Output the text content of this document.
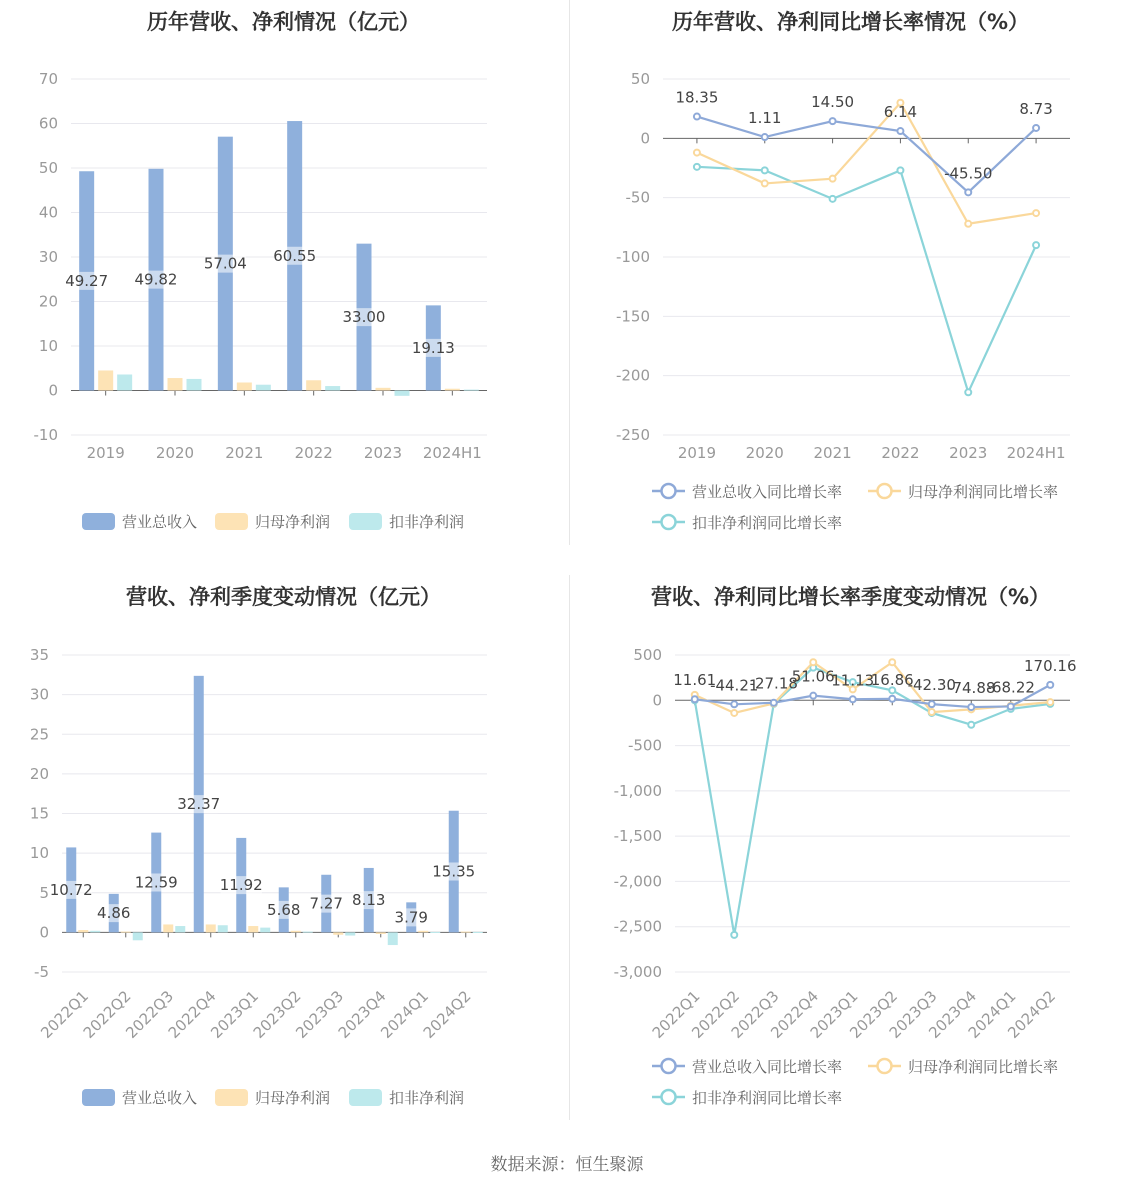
历年营收、净利情况（亿元）
-10
0
10
20
30
40
50
60
70
49.27 49.82
57.04 60.55
33.00
19.13
2019 2020 2021 2022 2023 2024H1
营业总收入	归母净利润	扣非净利润
历年营收、净利同比增长率情况（%）
-250
-200
-150
-100
-50
0
50
18.35
1.11
14.50
6.14
-45.50
8.73
2019 2020 2021 2022 2023 2024H1
营业总收入同比增长率	归母净利润同比增长率
扣非净利润同比增长率
营收、净利季度变动情况（亿元）
-5
0
5
10
15
20
25
30
35
10.72
4.86
12.59
32.37
11.92
5.68 7.27 8.13
3.79
15.35
2022Q1
2022Q2
2022Q3
2022Q4
2023Q1
2023Q2
2023Q3
2023Q4
2024Q1
2024Q2
营业总收入	归母净利润	扣非净利润
营收、净利同比增长率季度变动情况（%）
-3,000
-2,500
-2,000
-1,500
-1,000
-500
0
500
11.61
-44.21
-27.18
51.06
11.13
16.86
-42.30
-74.88
-68.22
170.16
2022Q1
2022Q2
2022Q3
2022Q4
2023Q1
2023Q2
2023Q3
2023Q4
2024Q1
2024Q2
营业总收入同比增长率	归母净利润同比增长率
扣非净利润同比增长率
数据来源：恒生聚源
